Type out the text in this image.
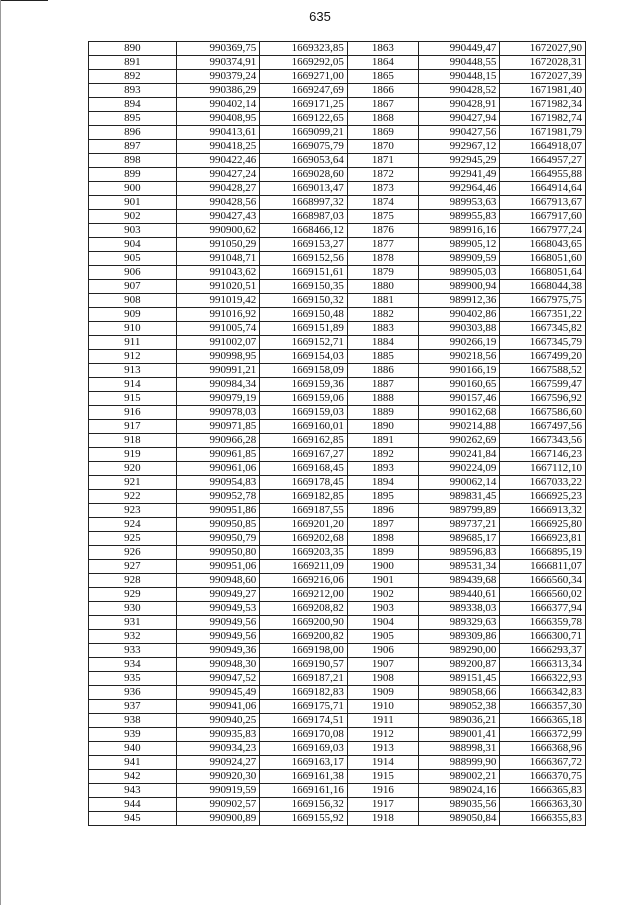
635
890	990369,75	1669323,85	1863	990449,47	1672027,90
891	990374,91	1669292,05	1864	990448,55	1672028,31
892	990379,24	1669271,00	1865	990448,15	1672027,39
893	990386,29	1669247,69	1866	990428,52	1671981,40
894	990402,14	1669171,25	1867	990428,91	1671982,34
895	990408,95	1669122,65	1868	990427,94	1671982,74
896	990413,61	1669099,21	1869	990427,56	1671981,79
897	990418,25	1669075,79	1870	992967,12	1664918,07
898	990422,46	1669053,64	1871	992945,29	1664957,27
899	990427,24	1669028,60	1872	992941,49	1664955,88
900	990428,27	1669013,47	1873	992964,46	1664914,64
901	990428,56	1668997,32	1874	989953,63	1667913,67
902	990427,43	1668987,03	1875	989955,83	1667917,60
903	990900,62	1668466,12	1876	989916,16	1667977,24
904	991050,29	1669153,27	1877	989905,12	1668043,65
905	991048,71	1669152,56	1878	989909,59	1668051,60
906	991043,62	1669151,61	1879	989905,03	1668051,64
907	991020,51	1669150,35	1880	989900,94	1668044,38
908	991019,42	1669150,32	1881	989912,36	1667975,75
909	991016,92	1669150,48	1882	990402,86	1667351,22
910	991005,74	1669151,89	1883	990303,88	1667345,82
911	991002,07	1669152,71	1884	990266,19	1667345,79
912	990998,95	1669154,03	1885	990218,56	1667499,20
913	990991,21	1669158,09	1886	990166,19	1667588,52
914	990984,34	1669159,36	1887	990160,65	1667599,47
915	990979,19	1669159,06	1888	990157,46	1667596,92
916	990978,03	1669159,03	1889	990162,68	1667586,60
917	990971,85	1669160,01	1890	990214,88	1667497,56
918	990966,28	1669162,85	1891	990262,69	1667343,56
919	990961,85	1669167,27	1892	990241,84	1667146,23
920	990961,06	1669168,45	1893	990224,09	1667112,10
921	990954,83	1669178,45	1894	990062,14	1667033,22
922	990952,78	1669182,85	1895	989831,45	1666925,23
923	990951,86	1669187,55	1896	989799,89	1666913,32
924	990950,85	1669201,20	1897	989737,21	1666925,80
925	990950,79	1669202,68	1898	989685,17	1666923,81
926	990950,80	1669203,35	1899	989596,83	1666895,19
927	990951,06	1669211,09	1900	989531,34	1666811,07
928	990948,60	1669216,06	1901	989439,68	1666560,34
929	990949,27	1669212,00	1902	989440,61	1666560,02
930	990949,53	1669208,82	1903	989338,03	1666377,94
931	990949,56	1669200,90	1904	989329,63	1666359,78
932	990949,56	1669200,82	1905	989309,86	1666300,71
933	990949,36	1669198,00	1906	989290,00	1666293,37
934	990948,30	1669190,57	1907	989200,87	1666313,34
935	990947,52	1669187,21	1908	989151,45	1666322,93
936	990945,49	1669182,83	1909	989058,66	1666342,83
937	990941,06	1669175,71	1910	989052,38	1666357,30
938	990940,25	1669174,51	1911	989036,21	1666365,18
939	990935,83	1669170,08	1912	989001,41	1666372,99
940	990934,23	1669169,03	1913	988998,31	1666368,96
941	990924,27	1669163,17	1914	988999,90	1666367,72
942	990920,30	1669161,38	1915	989002,21	1666370,75
943	990919,59	1669161,16	1916	989024,16	1666365,83
944	990902,57	1669156,32	1917	989035,56	1666363,30
945	990900,89	1669155,92	1918	989050,84	1666355,83
